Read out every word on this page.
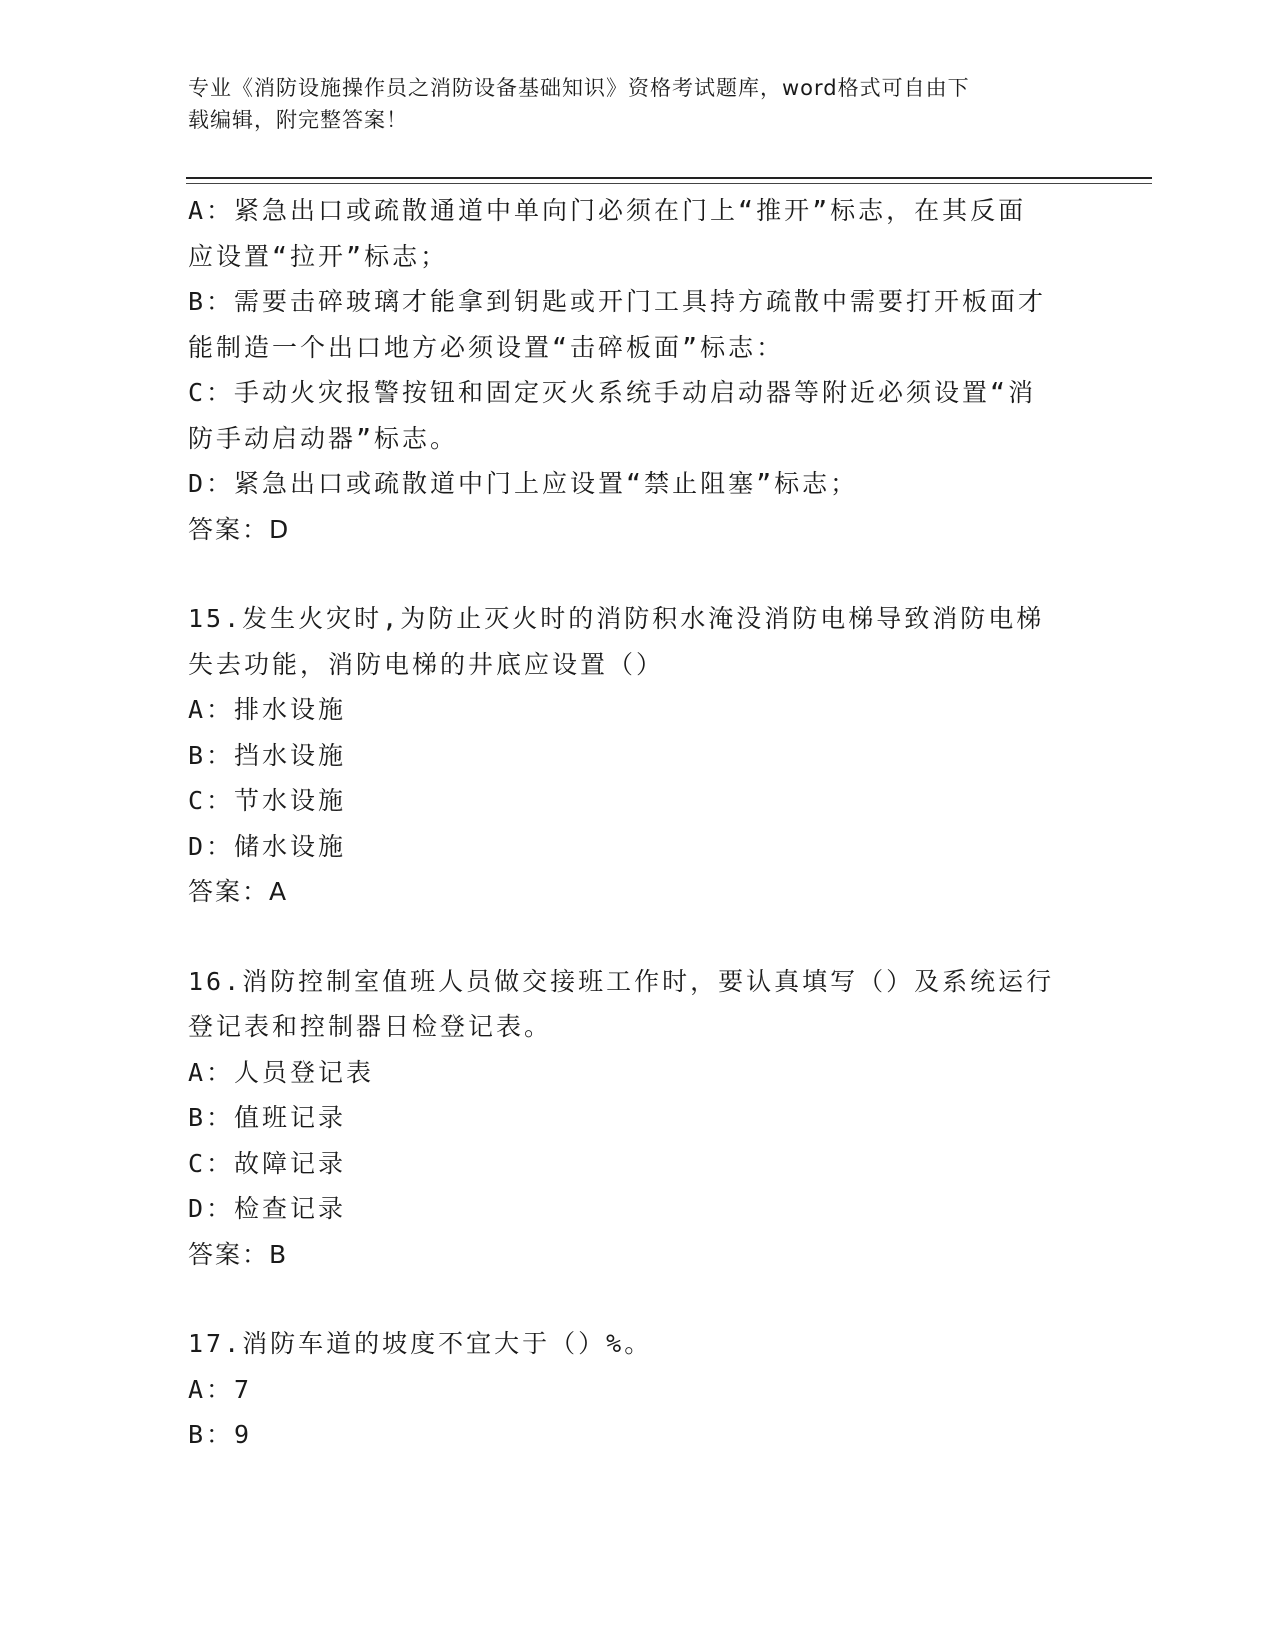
专业《消防设施操作员之消防设备基础知识》资格考试题库，word格式可自由下
载编辑，附完整答案！
A：紧急出口或疏散通道中单向门必须在门上“推开”标志，在其反面
应设置“拉开”标志；
B：需要击碎玻璃才能拿到钥匙或开门工具持方疏散中需要打开板面才
能制造一个出口地方必须设置“击碎板面”标志：
C：手动火灾报警按钮和固定灭火系统手动启动器等附近必须设置“消
防手动启动器”标志。
D：紧急出口或疏散道中门上应设置“禁止阻塞”标志；
答案：D
15.发生火灾时,为防止灭火时的消防积水淹没消防电梯导致消防电梯
失去功能，消防电梯的井底应设置（）
A：排水设施
B：挡水设施
C：节水设施
D：储水设施
答案：A
16.消防控制室值班人员做交接班工作时，要认真填写（）及系统运行
登记表和控制器日检登记表。
A：人员登记表
B：值班记录
C：故障记录
D：检查记录
答案：B
17.消防车道的坡度不宜大于（）%。
A：7
B：9
